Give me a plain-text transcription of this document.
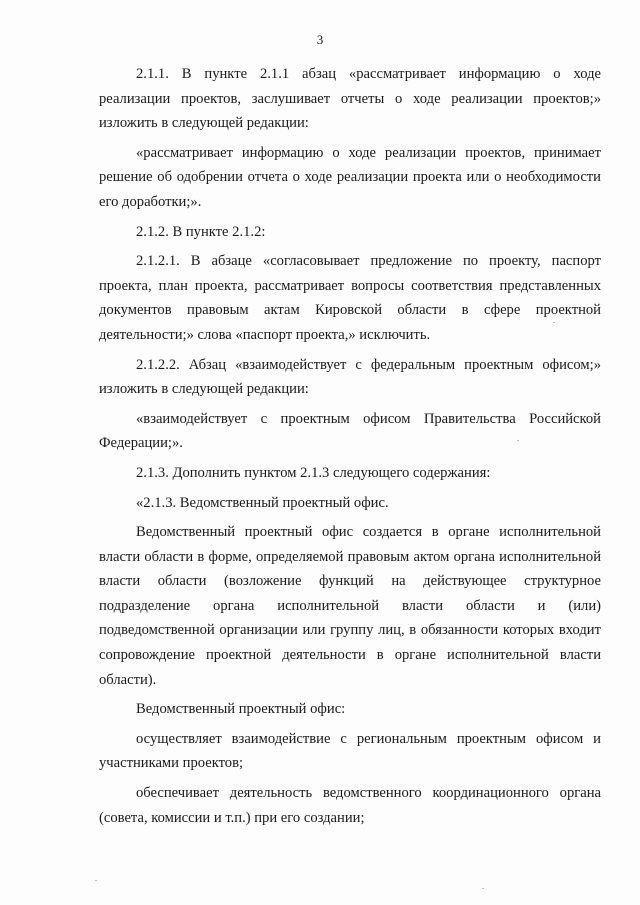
3

2.1.1. В пункте 2.1.1 абзац «рассматривает информацию о ходе реализации проектов, заслушивает отчеты о ходе реализации проектов;» изложить в следующей редакции:

«рассматривает информацию о ходе реализации проектов, принимает решение об одобрении отчета о ходе реализации проекта или о необходимости его доработки;».

2.1.2. В пункте 2.1.2:

2.1.2.1. В абзаце «согласовывает предложение по проекту, паспорт проекта, план проекта, рассматривает вопросы соответствия представленных документов правовым актам Кировской области в сфере проектной деятельности;» слова «паспорт проекта,» исключить.

2.1.2.2. Абзац «взаимодействует с федеральным проектным офисом;» изложить в следующей редакции:

«взаимодействует с проектным офисом Правительства Российской Федерации;».

2.1.3. Дополнить пунктом 2.1.3 следующего содержания:

«2.1.3. Ведомственный проектный офис.

Ведомственный проектный офис создается в органе исполнительной власти области в форме, определяемой правовым актом органа исполнительной власти области (возложение функций на действующее структурное подразделение органа исполнительной власти области и (или) подведомственной организации или группу лиц, в обязанности которых входит сопровождение проектной деятельности в органе исполнительной власти области).

Ведомственный проектный офис:

осуществляет взаимодействие с региональным проектным офисом и участниками проектов;

обеспечивает деятельность ведомственного координационного органа (совета, комиссии и т.п.) при его создании;
